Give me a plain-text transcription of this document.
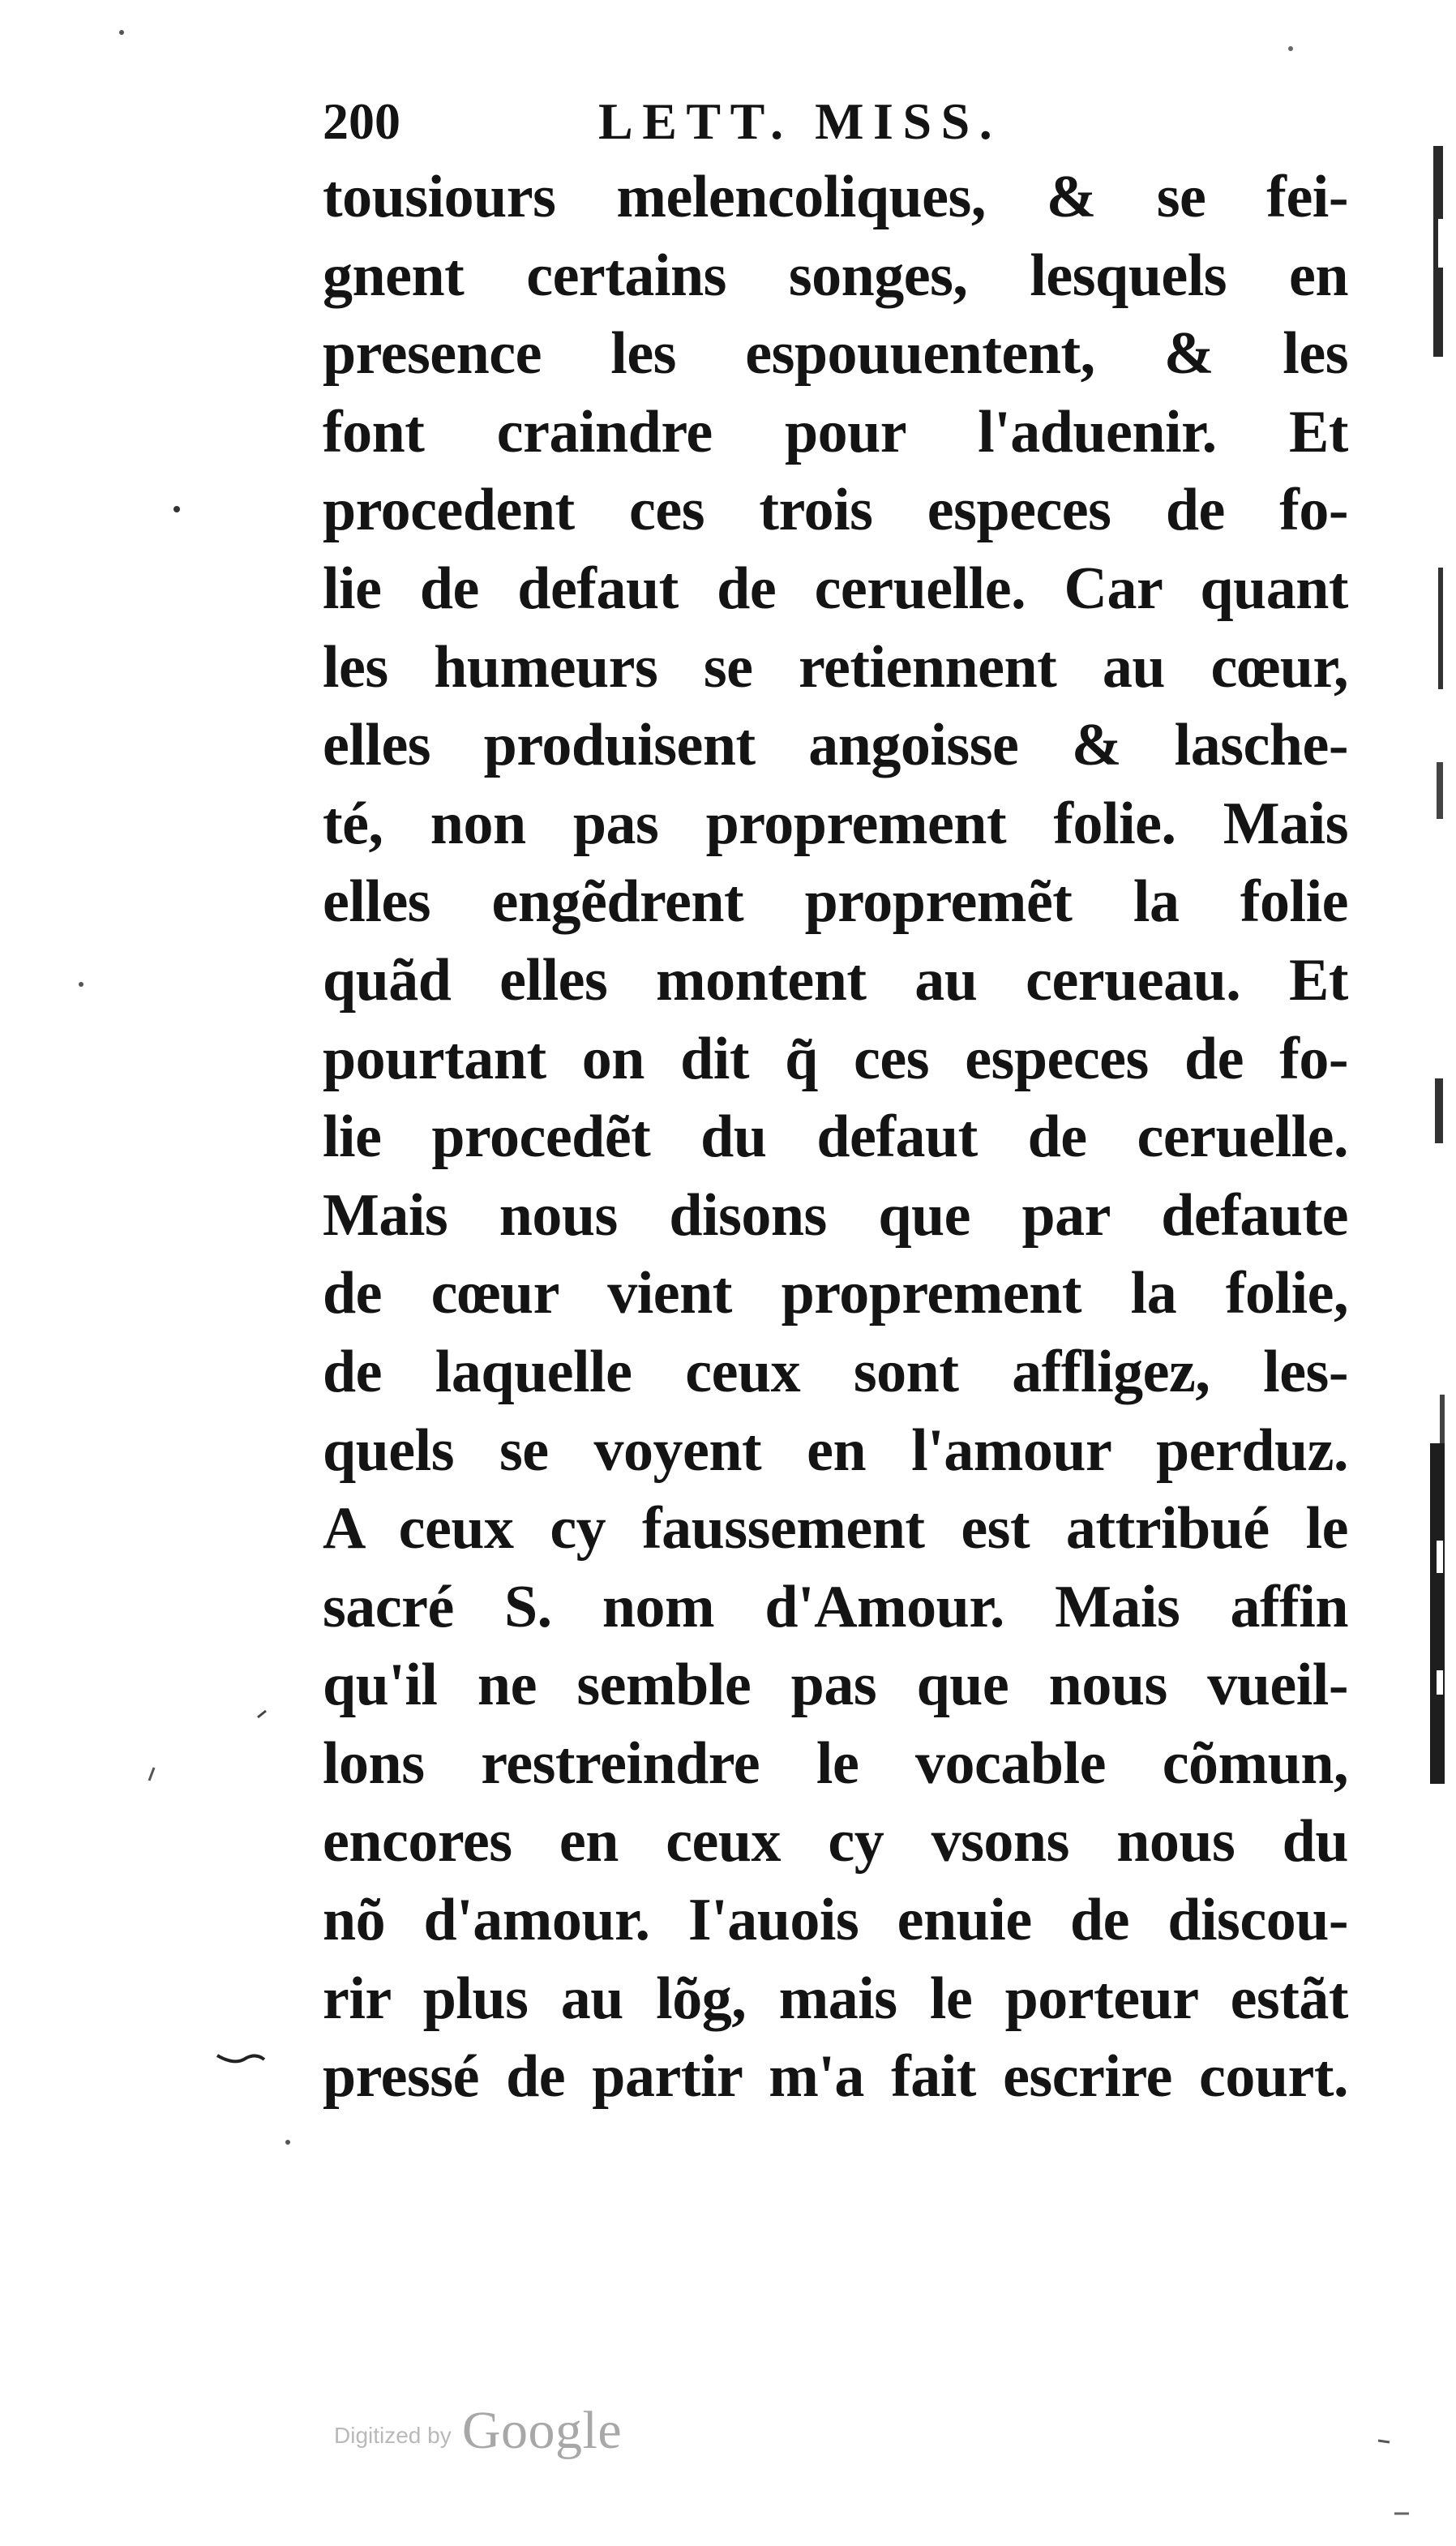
200	LETT. MISS.
tousiours melencoliques, & se fei-
gnent certains songes, lesquels en
presence les espouuentent, & les
font craindre pour l'aduenir. Et
procedent ces trois especes de fo-
lie de defaut de ceruelle. Car quant
les humeurs se retiennent au cœur,
elles produisent angoisse & lasche-
té, non pas proprement folie. Mais
elles engẽdrent propremẽt la folie
quãd elles montent au cerueau. Et
pourtant on dit q̃ ces especes de fo-
lie procedẽt du defaut de ceruelle.
Mais nous disons que par defaute
de cœur vient proprement la folie,
de laquelle ceux sont affligez, les-
quels se voyent en l'amour perduz.
A ceux cy faussement est attribué le
sacré S. nom d'Amour. Mais affin
qu'il ne semble pas que nous vueil-
lons restreindre le vocable cõmun,
encores en ceux cy vsons nous du
nõ d'amour. I'auois enuie de discou-
rir plus au lõg, mais le porteur estãt
pressé de partir m'a fait escrire court.
Digitized by Google
